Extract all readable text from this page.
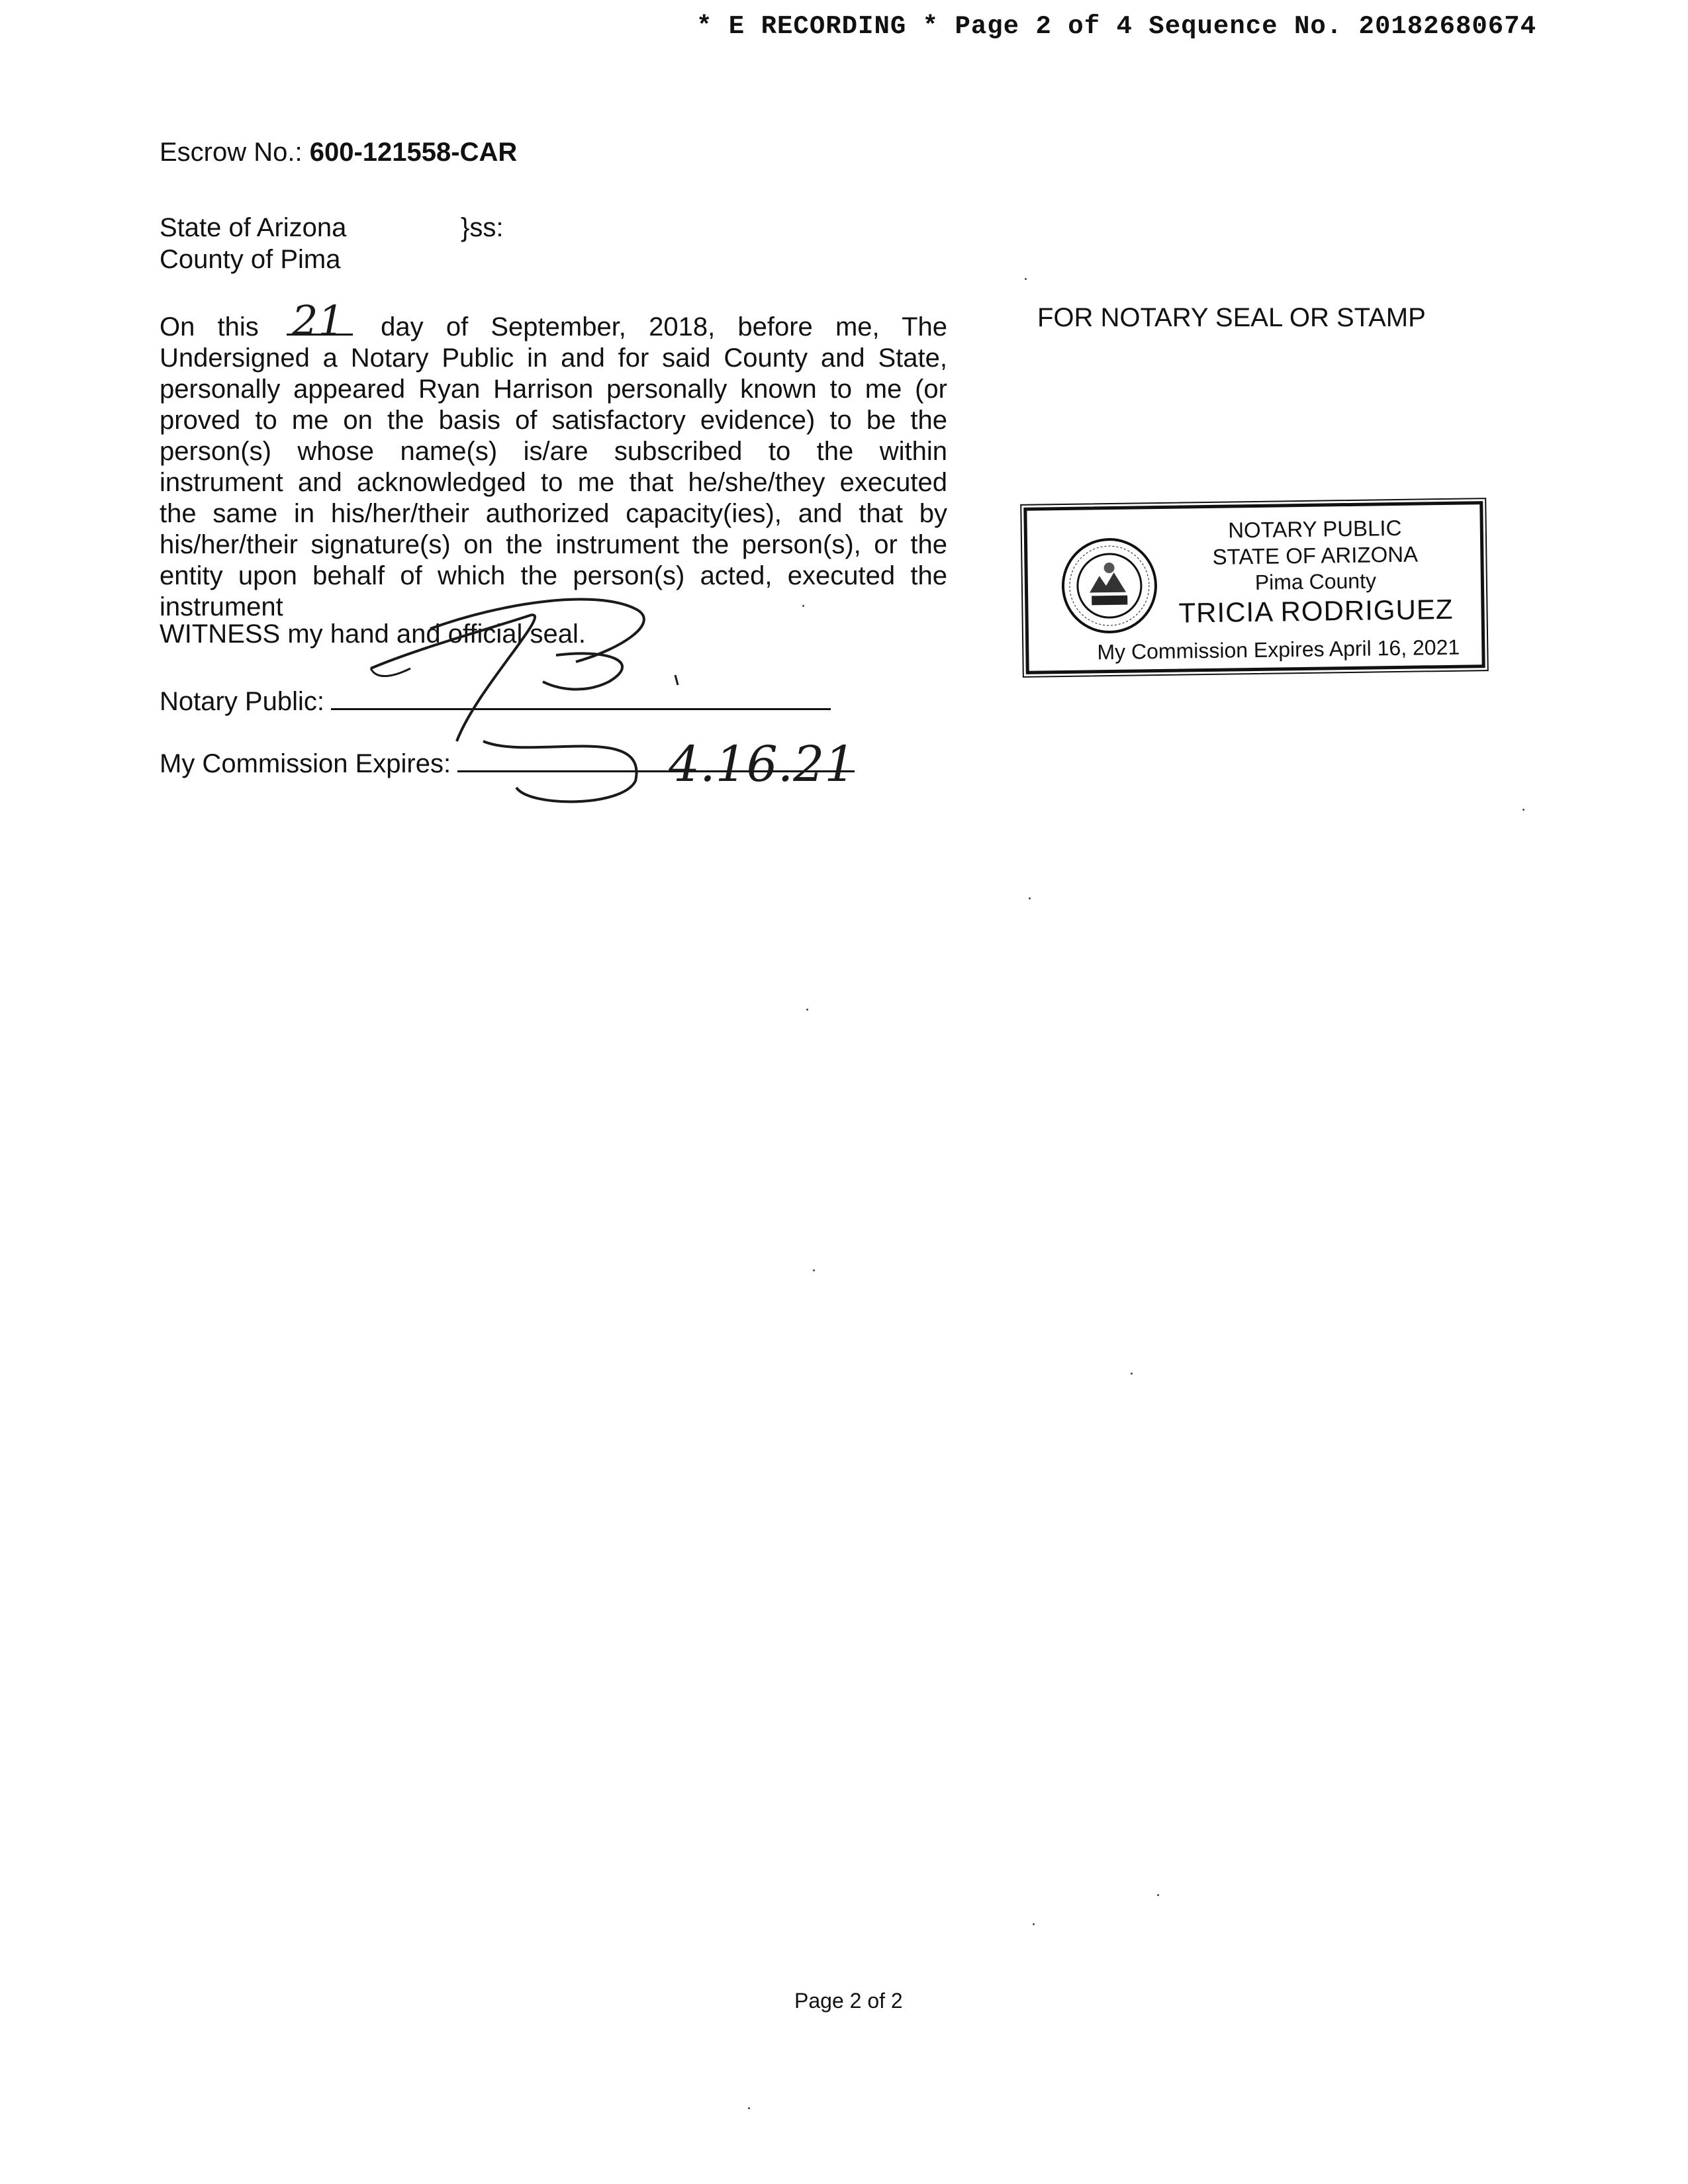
* E RECORDING * Page 2 of 4 Sequence No. 20182680674
Escrow No.: 600-121558-CAR
State of Arizona
County of Pima
}ss:
On this 21 day of September, 2018, before me, The
Undersigned a Notary Public in and for said County and State,
personally appeared Ryan Harrison personally known to me (or
proved to me on the basis of satisfactory evidence) to be the
person(s) whose name(s) is/are subscribed to the within
instrument and acknowledged to me that he/she/they executed
the same in his/her/their authorized capacity(ies), and that by
his/her/their signature(s) on the instrument the person(s), or the
entity upon behalf of which the person(s) acted, executed the
instrument
WITNESS my hand and official seal.
Notary Public:
My Commission Expires:	4.16.21
FOR NOTARY SEAL OR STAMP
NOTARY PUBLIC
STATE OF ARIZONA
Pima County
TRICIA RODRIGUEZ
My Commission Expires April 16, 2021
Page 2 of 2
